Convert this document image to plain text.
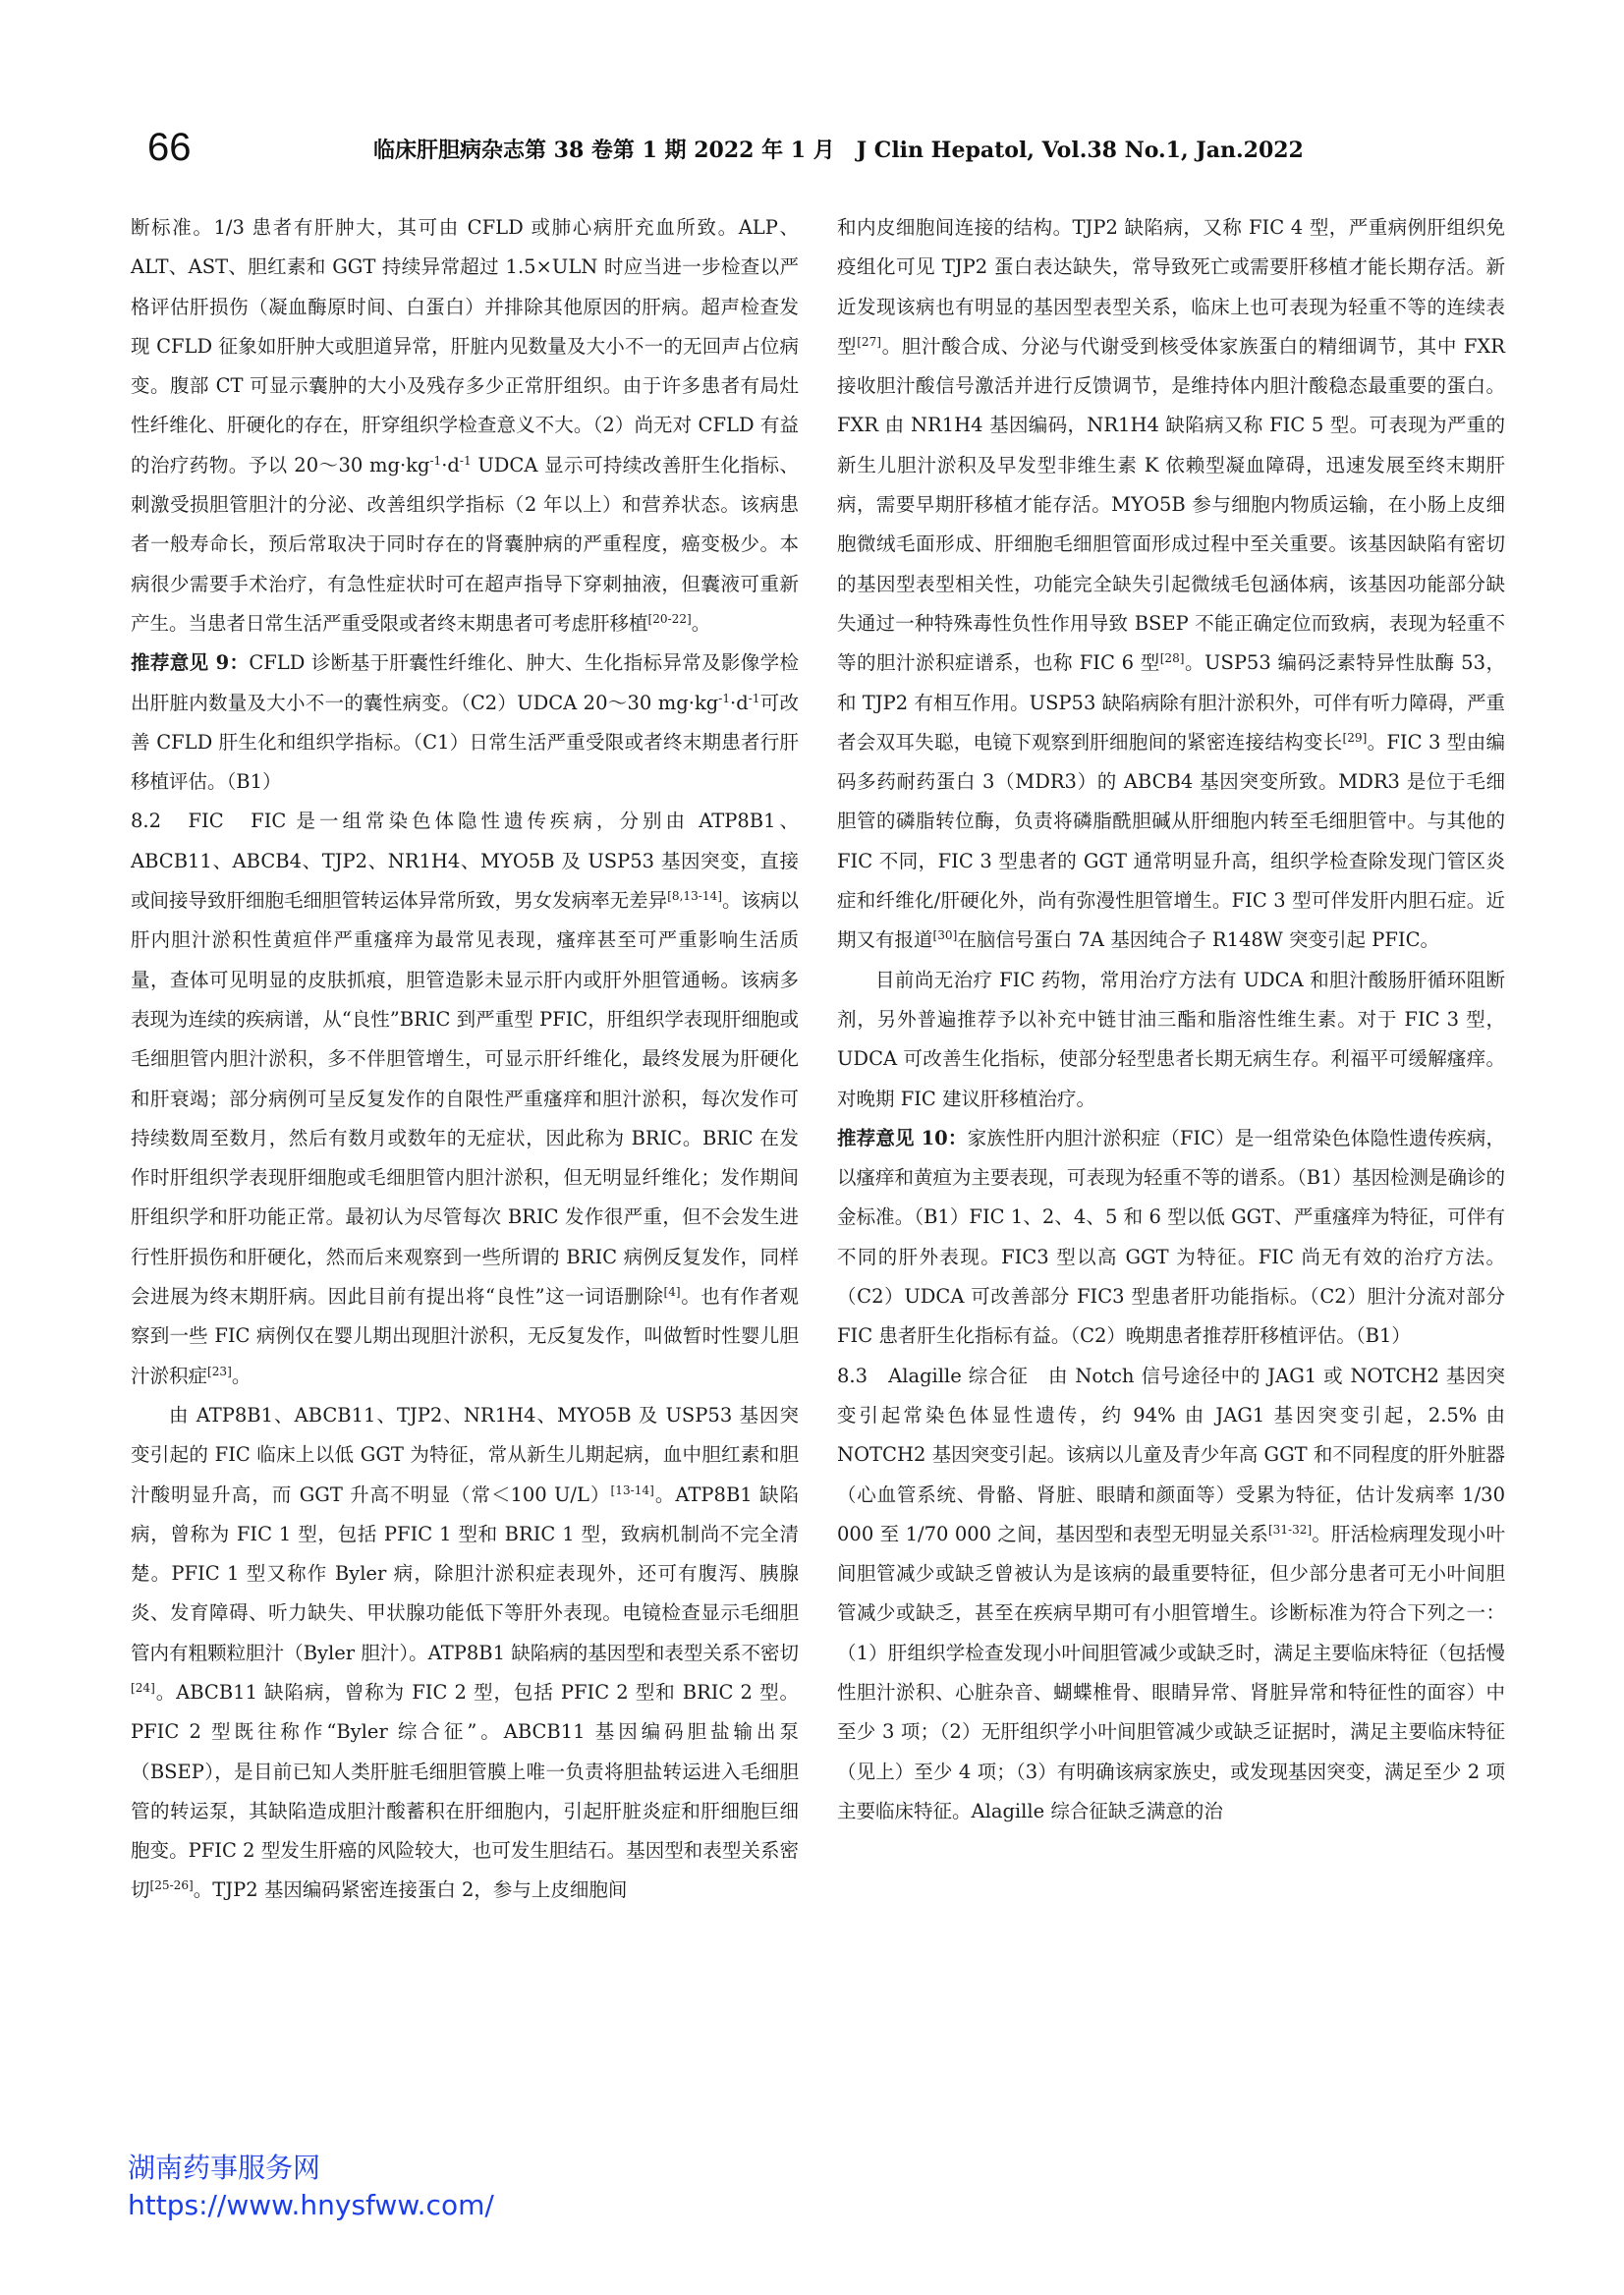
66	临床肝胆病杂志第 38 卷第 1 期 2022 年 1 月　J Clin Hepatol, Vol.38 No.1, Jan.2022

断标准。1/3 患者有肝肿大，其可由 CFLD 或肺心病肝充血所致。ALP、ALT、AST、胆红素和 GGT 持续异常超过 1.5×ULN 时应当进一步检查以严格评估肝损伤（凝血酶原时间、白蛋白）并排除其他原因的肝病。超声检查发现 CFLD 征象如肝肿大或胆道异常，肝脏内见数量及大小不一的无回声占位病变。腹部 CT 可显示囊肿的大小及残存多少正常肝组织。由于许多患者有局灶性纤维化、肝硬化的存在，肝穿组织学检查意义不大。（2）尚无对 CFLD 有益的治疗药物。予以 20～30 $mg\cdot kg^{-1}\cdot d^{-1}$ UDCA 显示可持续改善肝生化指标、刺激受损胆管胆汁的分泌、改善组织学指标（2 年以上）和营养状态。该病患者一般寿命长，预后常取决于同时存在的肾囊肿病的严重程度，癌变极少。本病很少需要手术治疗，有急性症状时可在超声指导下穿刺抽液，但囊液可重新产生。当患者日常生活严重受限或者终末期患者可考虑肝移植[20-22]。

推荐意见 9：CFLD 诊断基于肝囊性纤维化、肿大、生化指标异常及影像学检出肝脏内数量及大小不一的囊性病变。（C2）UDCA 20～30 $mg\cdot kg^{-1}\cdot d^{-1}$可改善 CFLD 肝生化和组织学指标。（C1）日常生活严重受限或者终末期患者行肝移植评估。（B1）

8.2　FIC　FIC 是一组常染色体隐性遗传疾病，分别由 ATP8B1、ABCB11、ABCB4、TJP2、NR1H4、MYO5B 及 USP53 基因突变，直接或间接导致肝细胞毛细胆管转运体异常所致，男女发病率无差异[8,13-14]。该病以肝内胆汁淤积性黄疸伴严重瘙痒为最常见表现，瘙痒甚至可严重影响生活质量，查体可见明显的皮肤抓痕，胆管造影未显示肝内或肝外胆管通畅。该病多表现为连续的疾病谱，从“良性”BRIC 到严重型 PFIC，肝组织学表现肝细胞或毛细胆管内胆汁淤积，多不伴胆管增生，可显示肝纤维化，最终发展为肝硬化和肝衰竭；部分病例可呈反复发作的自限性严重瘙痒和胆汁淤积，每次发作可持续数周至数月，然后有数月或数年的无症状，因此称为 BRIC。BRIC 在发作时肝组织学表现肝细胞或毛细胆管内胆汁淤积，但无明显纤维化；发作期间肝组织学和肝功能正常。最初认为尽管每次 BRIC 发作很严重，但不会发生进行性肝损伤和肝硬化，然而后来观察到一些所谓的 BRIC 病例反复发作，同样会进展为终末期肝病。因此目前有提出将“良性”这一词语删除[4]。也有作者观察到一些 FIC 病例仅在婴儿期出现胆汁淤积，无反复发作，叫做暂时性婴儿胆汁淤积症[23]。

由 ATP8B1、ABCB11、TJP2、NR1H4、MYO5B 及 USP53 基因突变引起的 FIC 临床上以低 GGT 为特征，常从新生儿期起病，血中胆红素和胆汁酸明显升高，而 GGT 升高不明显（常＜100 U/L）[13-14]。ATP8B1 缺陷病，曾称为 FIC 1 型，包括 PFIC 1 型和 BRIC 1 型，致病机制尚不完全清楚。PFIC 1 型又称作 Byler 病，除胆汁淤积症表现外，还可有腹泻、胰腺炎、发育障碍、听力缺失、甲状腺功能低下等肝外表现。电镜检查显示毛细胆管内有粗颗粒胆汁（Byler 胆汁）。ATP8B1 缺陷病的基因型和表型关系不密切[24]。ABCB11 缺陷病，曾称为 FIC 2 型，包括 PFIC 2 型和 BRIC 2 型。PFIC 2 型既往称作“Byler 综合征”。ABCB11 基因编码胆盐输出泵（BSEP），是目前已知人类肝脏毛细胆管膜上唯一负责将胆盐转运进入毛细胆管的转运泵，其缺陷造成胆汁酸蓄积在肝细胞内，引起肝脏炎症和肝细胞巨细胞变。PFIC 2 型发生肝癌的风险较大，也可发生胆结石。基因型和表型关系密切[25-26]。TJP2 基因编码紧密连接蛋白 2，参与上皮细胞间

和内皮细胞间连接的结构。TJP2 缺陷病，又称 FIC 4 型，严重病例肝组织免疫组化可见 TJP2 蛋白表达缺失，常导致死亡或需要肝移植才能长期存活。新近发现该病也有明显的基因型表型关系，临床上也可表现为轻重不等的连续表型[27]。胆汁酸合成、分泌与代谢受到核受体家族蛋白的精细调节，其中 FXR 接收胆汁酸信号激活并进行反馈调节，是维持体内胆汁酸稳态最重要的蛋白。FXR 由 NR1H4 基因编码，NR1H4 缺陷病又称 FIC 5 型。可表现为严重的新生儿胆汁淤积及早发型非维生素 K 依赖型凝血障碍，迅速发展至终末期肝病，需要早期肝移植才能存活。MYO5B 参与细胞内物质运输，在小肠上皮细胞微绒毛面形成、肝细胞毛细胆管面形成过程中至关重要。该基因缺陷有密切的基因型表型相关性，功能完全缺失引起微绒毛包涵体病，该基因功能部分缺失通过一种特殊毒性负性作用导致 BSEP 不能正确定位而致病，表现为轻重不等的胆汁淤积症谱系，也称 FIC 6 型[28]。USP53 编码泛素特异性肽酶 53，和 TJP2 有相互作用。USP53 缺陷病除有胆汁淤积外，可伴有听力障碍，严重者会双耳失聪，电镜下观察到肝细胞间的紧密连接结构变长[29]。FIC 3 型由编码多药耐药蛋白 3（MDR3）的 ABCB4 基因突变所致。MDR3 是位于毛细胆管的磷脂转位酶，负责将磷脂酰胆碱从肝细胞内转至毛细胆管中。与其他的 FIC 不同，FIC 3 型患者的 GGT 通常明显升高，组织学检查除发现门管区炎症和纤维化/肝硬化外，尚有弥漫性胆管增生。FIC 3 型可伴发肝内胆石症。近期又有报道[30]在脑信号蛋白 7A 基因纯合子 R148W 突变引起 PFIC。

目前尚无治疗 FIC 药物，常用治疗方法有 UDCA 和胆汁酸肠肝循环阻断剂，另外普遍推荐予以补充中链甘油三酯和脂溶性维生素。对于 FIC 3 型，UDCA 可改善生化指标，使部分轻型患者长期无病生存。利福平可缓解瘙痒。对晚期 FIC 建议肝移植治疗。

推荐意见 10：家族性肝内胆汁淤积症（FIC）是一组常染色体隐性遗传疾病，以瘙痒和黄疸为主要表现，可表现为轻重不等的谱系。（B1）基因检测是确诊的金标准。（B1）FIC 1、2、4、5 和 6 型以低 GGT、严重瘙痒为特征，可伴有不同的肝外表现。FIC3 型以高 GGT 为特征。FIC 尚无有效的治疗方法。（C2）UDCA 可改善部分 FIC3 型患者肝功能指标。（C2）胆汁分流对部分 FIC 患者肝生化指标有益。（C2）晚期患者推荐肝移植评估。（B1）

8.3　Alagille 综合征　由 Notch 信号途径中的 JAG1 或 NOTCH2 基因突变引起常染色体显性遗传，约 94% 由 JAG1 基因突变引起，2.5% 由 NOTCH2 基因突变引起。该病以儿童及青少年高 GGT 和不同程度的肝外脏器（心血管系统、骨骼、肾脏、眼睛和颜面等）受累为特征，估计发病率 1/30 000 至 1/70 000 之间，基因型和表型无明显关系[31-32]。肝活检病理发现小叶间胆管减少或缺乏曾被认为是该病的最重要特征，但少部分患者可无小叶间胆管减少或缺乏，甚至在疾病早期可有小胆管增生。诊断标准为符合下列之一：（1）肝组织学检查发现小叶间胆管减少或缺乏时，满足主要临床特征（包括慢性胆汁淤积、心脏杂音、蝴蝶椎骨、眼睛异常、肾脏异常和特征性的面容）中至少 3 项；（2）无肝组织学小叶间胆管减少或缺乏证据时，满足主要临床特征（见上）至少 4 项；（3）有明确该病家族史，或发现基因突变，满足至少 2 项主要临床特征。Alagille 综合征缺乏满意的治

湖南药事服务网
https://www.hnysfww.com/
